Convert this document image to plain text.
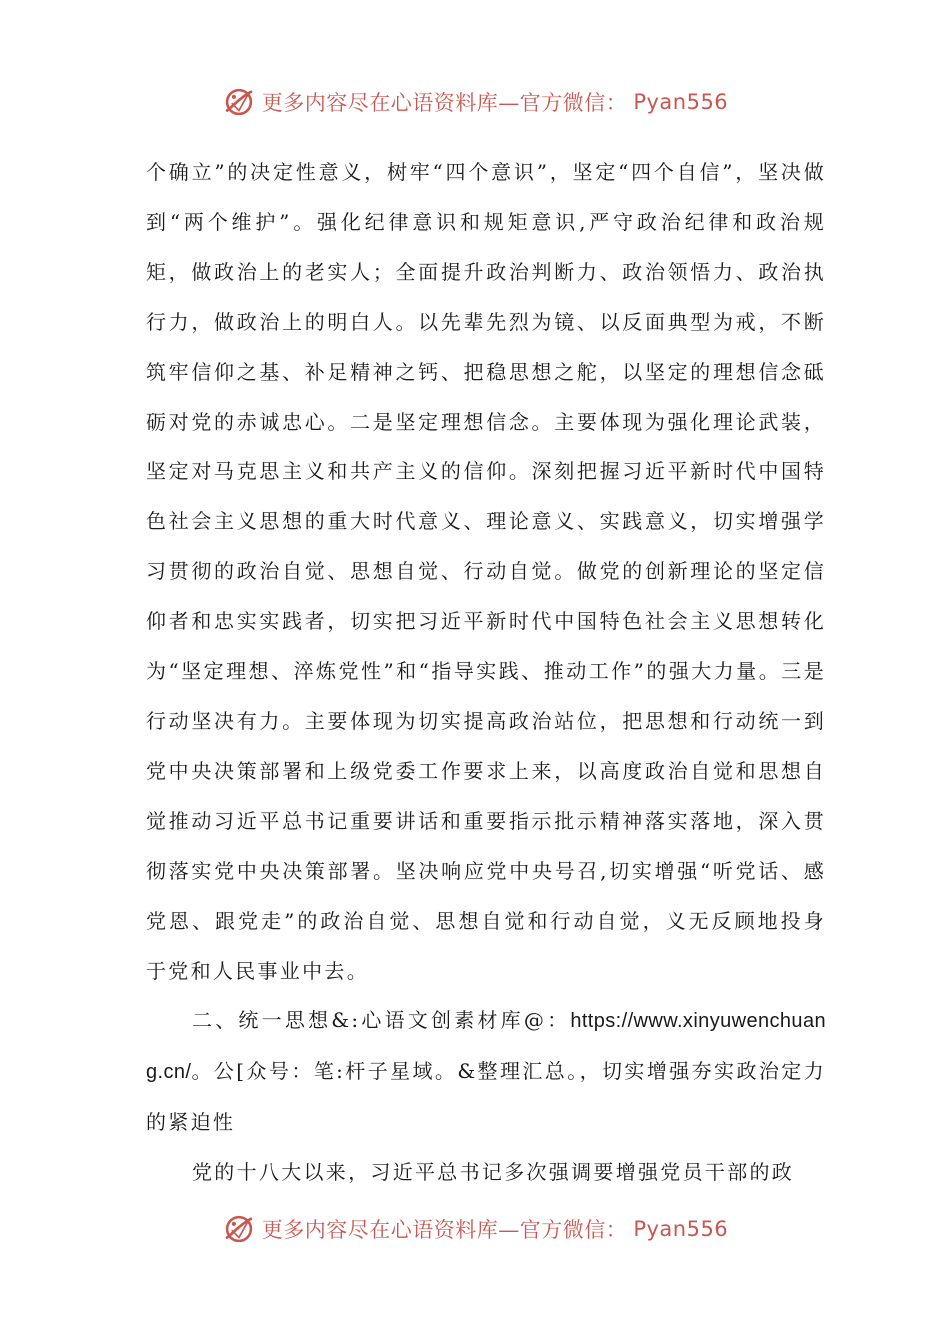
更多内容尽在心语资料库—官方微信： Pyan556

个确立”的决定性意义，树牢“四个意识”，坚定“四个自信”，坚决做到“两个维护”。强化纪律意识和规矩意识,严守政治纪律和政治规矩，做政治上的老实人；全面提升政治判断力、政治领悟力、政治执行力，做政治上的明白人。以先辈先烈为镜、以反面典型为戒，不断筑牢信仰之基、补足精神之钙、把稳思想之舵，以坚定的理想信念砥砺对党的赤诚忠心。二是坚定理想信念。主要体现为强化理论武装，坚定对马克思主义和共产主义的信仰。深刻把握习近平新时代中国特色社会主义思想的重大时代意义、理论意义、实践意义，切实增强学习贯彻的政治自觉、思想自觉、行动自觉。做党的创新理论的坚定信仰者和忠实实践者，切实把习近平新时代中国特色社会主义思想转化为“坚定理想、淬炼党性”和“指导实践、推动工作”的强大力量。三是行动坚决有力。主要体现为切实提高政治站位，把思想和行动统一到党中央决策部署和上级党委工作要求上来，以高度政治自觉和思想自觉推动习近平总书记重要讲话和重要指示批示精神落实落地，深入贯彻落实党中央决策部署。坚决响应党中央号召,切实增强“听党话、感党恩、跟党走”的政治自觉、思想自觉和行动自觉，义无反顾地投身于党和人民事业中去。

二、统一思想&:心语文创素材库@：https://www.xinyuwenchuang.cn/。公[众号：笔:杆子星域。&整理汇总。，切实增强夯实政治定力的紧迫性

党的十八大以来，习近平总书记多次强调要增强党员干部的政

更多内容尽在心语资料库—官方微信： Pyan556
